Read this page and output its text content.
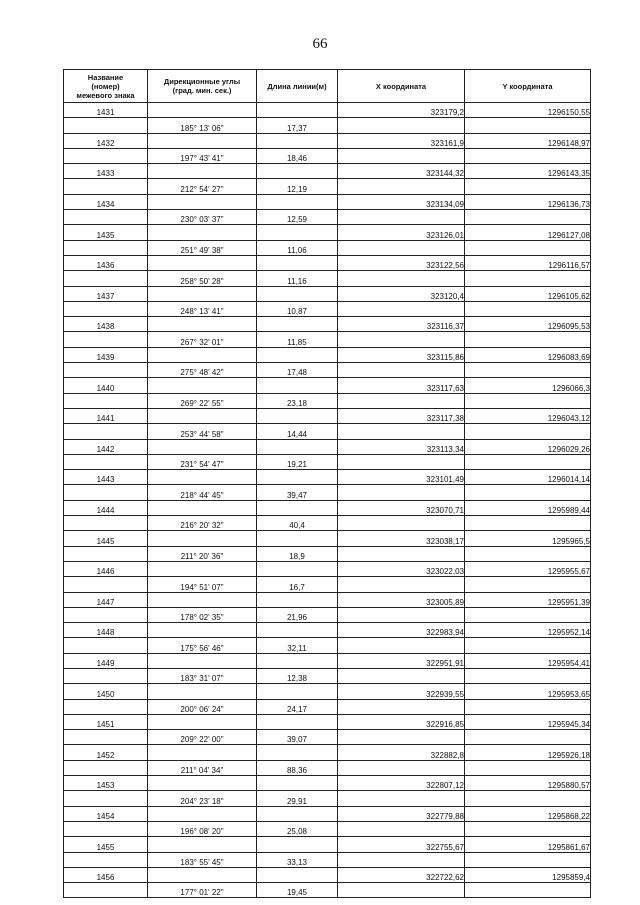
66
Название
(номер)
межевого знака	Дирекционные углы
(град. мин. сек.)	Длина линии(м)	X координата	Y координата
1431			323179,2	1296150,55
	185° 13' 06"	17,37		
1432			323161,9	1296148,97
	197° 43' 41"	18,46		
1433			323144,32	1296143,35
	212° 54' 27"	12,19		
1434			323134,09	1296136,73
	230° 03' 37"	12,59		
1435			323126,01	1296127,08
	251° 49' 38"	11,06		
1436			323122,56	1296116,57
	258° 50' 28"	11,16		
1437			323120,4	1296105,62
	248° 13' 41"	10,87		
1438			323116,37	1296095,53
	267° 32' 01"	11,85		
1439			323115,86	1296083,69
	275° 48' 42"	17,48		
1440			323117,63	1296066,3
	269° 22' 55"	23,18		
1441			323117,38	1296043,12
	253° 44' 58"	14,44		
1442			323113,34	1296029,26
	231° 54' 47"	19,21		
1443			323101,49	1296014,14
	218° 44' 45"	39,47		
1444			323070,71	1295989,44
	216° 20' 32"	40,4		
1445			323038,17	1295965,5
	211° 20' 36"	18,9		
1446			323022,03	1295955,67
	194° 51' 07"	16,7		
1447			323005,89	1295951,39
	178° 02' 35"	21,96		
1448			322983,94	1295952,14
	175° 56' 46"	32,11		
1449			322951,91	1295954,41
	183° 31' 07"	12,38		
1450			322939,55	1295953,65
	200° 06' 24"	24,17		
1451			322916,85	1295945,34
	209° 22' 00"	39,07		
1452			322882,8	1295926,18
	211° 04' 34"	88,36		
1453			322807,12	1295880,57
	204° 23' 18"	29,91		
1454			322779,88	1295868,22
	196° 08' 20"	25,08		
1455			322755,67	1295861,67
	183° 55' 45"	33,13		
1456			322722,62	1295859,4
	177° 01' 22"	19,45		
